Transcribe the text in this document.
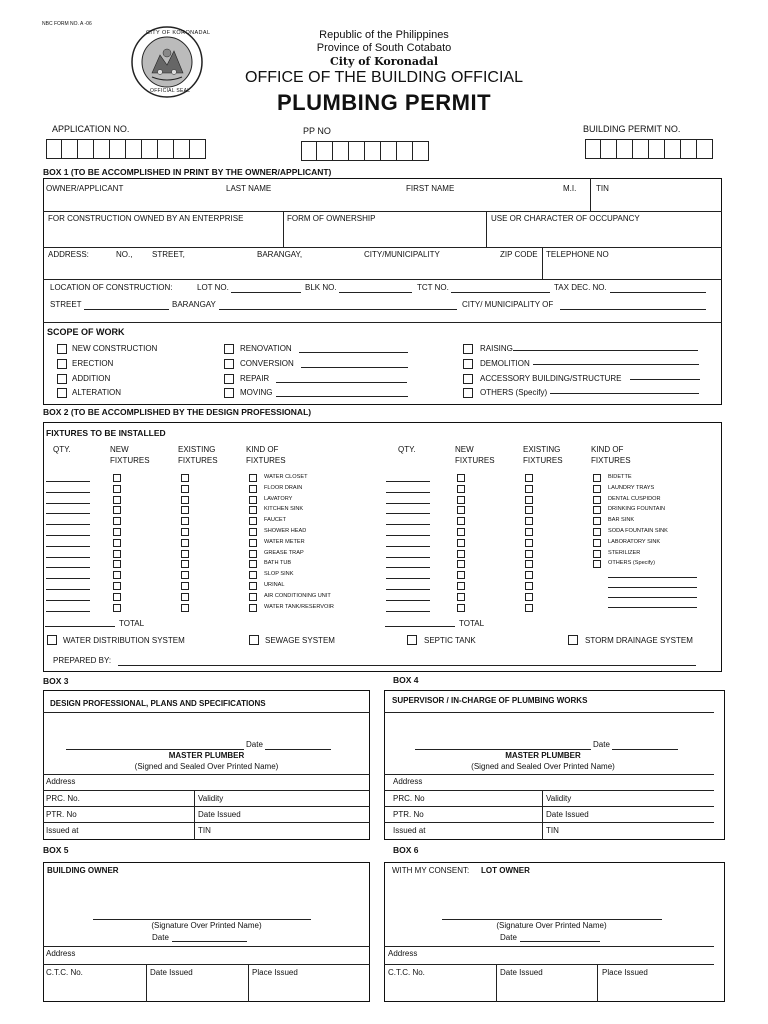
NBC FORM NO. A -06
CITY OF KORONADAL
OFFICIAL SEAL
Republic of the Philippines
Province of South Cotabato
City of Koronadal
OFFICE OF THE BUILDING OFFICIAL
PLUMBING PERMIT
APPLICATION NO.	PP NO	BUILDING PERMIT NO.
BOX 1 (TO BE ACCOMPLISHED IN PRINT BY THE OWNER/APPLICANT)
OWNER/APPLICANT	LAST NAME	FIRST NAME	M.I. TIN
FOR CONSTRUCTION OWNED BY AN ENTERPRISE	FORM OF OWNERSHIP	USE OR CHARACTER OF OCCUPANCY
ADDRESS:	NO., STREET,	BARANGAY,	CITY/MUNICIPALITY	ZIP CODE TELEPHONE NO
LOCATION OF CONSTRUCTION:	LOT NO.	BLK NO.	TCT NO.	TAX DEC. NO.
STREET	BARANGAY	CITY/ MUNICIPALITY OF
SCOPE OF WORK
NEW CONSTRUCTION
ERECTION
ADDITION
ALTERATION
RENOVATION
CONVERSION
REPAIR
MOVING
RAISING
DEMOLITION
ACCESSORY BUILDING/STRUCTURE
OTHERS (Specify)
BOX 2 (TO BE ACCOMPLISHED BY THE DESIGN PROFESSIONAL)
FIXTURES TO BE INSTALLED
QTY.	NEW
FIXTURES
EXISTING
FIXTURES
KIND OF
FIXTURES
QTY.	NEW
FIXTURES
EXISTING
FIXTURES
KIND OF
FIXTURES
WATER CLOSET
FLOOR DRAIN
LAVATORY
KITCHEN SINK
FAUCET
SHOWER HEAD
WATER METER
GREASE TRAP
BATH TUB
SLOP SINK
URINAL
AIR CONDITIONING UNIT
WATER TANK/RESERVOIR
BIDETTE
LAUNDRY TRAYS
DENTAL CUSPIDOR
DRINKING FOUNTAIN
BAR SINK
SODA FOUNTAIN SINK
LABORATORY SINK
STERILIZER
OTHERS (Specify)
TOTAL	TOTAL
WATER DISTRIBUTION SYSTEM	SEWAGE SYSTEM	SEPTIC TANK	STORM DRAINAGE SYSTEM
PREPARED BY:
BOX 3
DESIGN PROFESSIONAL, PLANS AND SPECIFICATIONS
Date
MASTER PLUMBER
(Signed and Sealed Over Printed Name)
Address
PRC. No.	Validity
PTR. No	Date Issued
Issued at	TIN
BOX 4
SUPERVISOR / IN-CHARGE OF PLUMBING WORKS
Date
MASTER PLUMBER
(Signed and Sealed Over Printed Name)
Address
PRC. No	Validity
PTR. No	Date Issued
Issued at	TIN
BOX 5
BUILDING OWNER
(Signature Over Printed Name)
Date
Address
C.T.C. No.	Date Issued	Place Issued
BOX 6
WITH MY CONSENT: LOT OWNER
(Signature Over Printed Name)
Date
Address
C.T.C. No.	Date Issued	Place Issued
